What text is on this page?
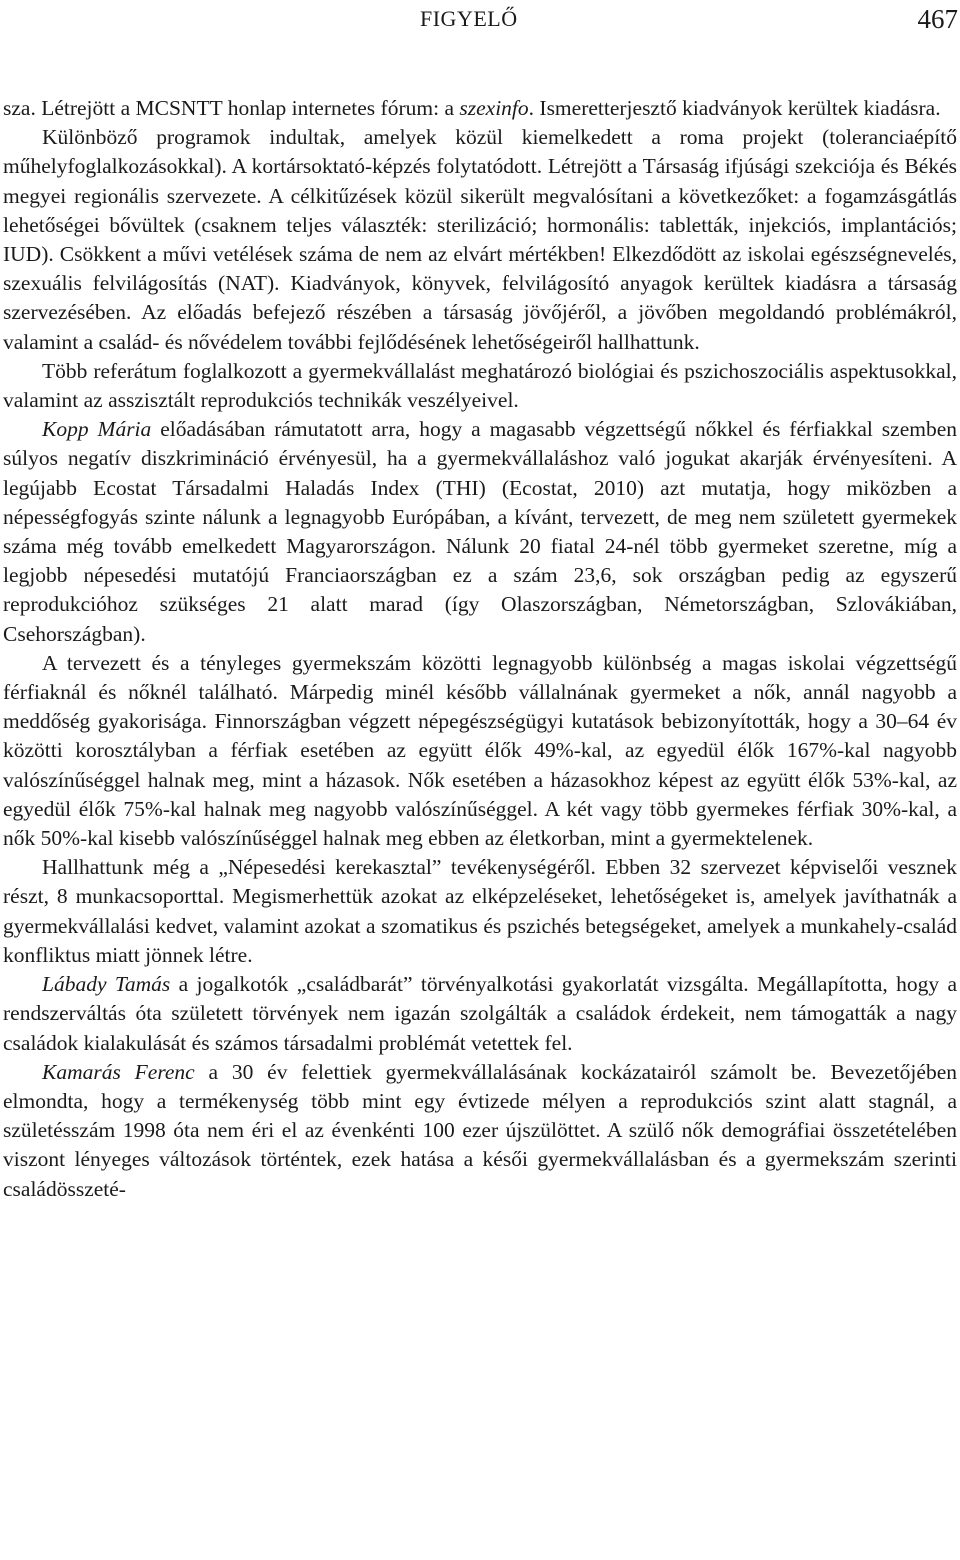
FIGYELŐ	467

sza. Létrejött a MCSNTT honlap internetes fórum: a szexinfo. Ismeretterjesztő kiadványok kerültek kiadásra.

Különböző programok indultak, amelyek közül kiemelkedett a roma projekt (toleranciaépítő műhelyfoglalkozásokkal). A kortársoktató-képzés folytatódott. Létrejött a Társaság ifjúsági szekciója és Békés megyei regionális szervezete. A célkitűzések közül sikerült megvalósítani a következőket: a fogamzásgátlás lehetőségei bővültek (csaknem teljes választék: sterilizáció; hormonális: tabletták, injekciós, implantációs; IUD). Csökkent a művi vetélések száma de nem az elvárt mértékben! Elkezdődött az iskolai egészségnevelés, szexuális felvilágosítás (NAT). Kiadványok, könyvek, felvilágosító anyagok kerültek kiadásra a társaság szervezésében. Az előadás befejező részében a társaság jövőjéről, a jövőben megoldandó problémákról, valamint a család- és nővédelem további fejlődésének lehetőségeiről hallhattunk.

Több referátum foglalkozott a gyermekvállalást meghatározó biológiai és pszichoszociális aspektusokkal, valamint az asszisztált reprodukciós technikák veszélyeivel.

Kopp Mária előadásában rámutatott arra, hogy a magasabb végzettségű nőkkel és férfiakkal szemben súlyos negatív diszkrimináció érvényesül, ha a gyermekvállaláshoz való jogukat akarják érvényesíteni. A legújabb Ecostat Társadalmi Haladás Index (THI) (Ecostat, 2010) azt mutatja, hogy miközben a népességfogyás szinte nálunk a legnagyobb Európában, a kívánt, tervezett, de meg nem született gyermekek száma még tovább emelkedett Magyarországon. Nálunk 20 fiatal 24-nél több gyermeket szeretne, míg a legjobb népesedési mutatójú Franciaországban ez a szám 23,6, sok országban pedig az egyszerű reprodukcióhoz szükséges 21 alatt marad (így Olaszországban, Németországban, Szlovákiában, Csehországban).

A tervezett és a tényleges gyermekszám közötti legnagyobb különbség a magas iskolai végzettségű férfiaknál és nőknél található. Márpedig minél később vállalnának gyermeket a nők, annál nagyobb a meddőség gyakorisága. Finnországban végzett népegészségügyi kutatások bebizonyították, hogy a 30–64 év közötti korosztályban a férfiak esetében az együtt élők 49%-kal, az egyedül élők 167%-kal nagyobb valószínűséggel halnak meg, mint a házasok. Nők esetében a házasokhoz képest az együtt élők 53%-kal, az egyedül élők 75%-kal halnak meg nagyobb valószínűséggel. A két vagy több gyermekes férfiak 30%-kal, a nők 50%-kal kisebb valószínűséggel halnak meg ebben az életkorban, mint a gyermektelenek.

Hallhattunk még a „Népesedési kerekasztal” tevékenységéről. Ebben 32 szervezet képviselői vesznek részt, 8 munkacsoporttal. Megismerhettük azokat az elképzeléseket, lehetőségeket is, amelyek javíthatnák a gyermekvállalási kedvet, valamint azokat a szomatikus és pszichés betegségeket, amelyek a munkahely-család konfliktus miatt jönnek létre.

Lábady Tamás a jogalkotók „családbarát” törvényalkotási gyakorlatát vizsgálta. Megállapította, hogy a rendszerváltás óta született törvények nem igazán szolgálták a családok érdekeit, nem támogatták a nagy családok kialakulását és számos társadalmi problémát vetettek fel.

Kamarás Ferenc a 30 év felettiek gyermekvállalásának kockázatairól számolt be. Bevezetőjében elmondta, hogy a termékenység több mint egy évtizede mélyen a reprodukciós szint alatt stagnál, a születésszám 1998 óta nem éri el az évenkénti 100 ezer újszülöttet. A szülő nők demográfiai összetételében viszont lényeges változások történtek, ezek hatása a késői gyermekvállalásban és a gyermekszám szerinti családösszeté-
